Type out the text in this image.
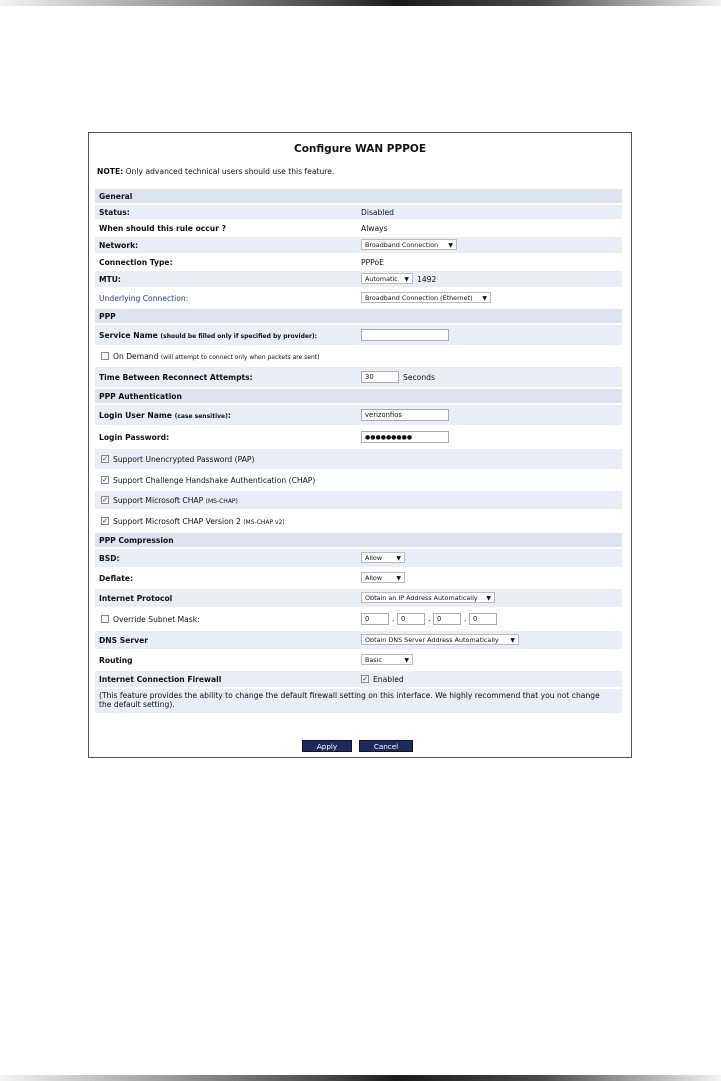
Configure WAN PPPOE
NOTE: Only advanced technical users should use this feature.
General
Status:	Disabled
When should this rule occur ?	Always
Network:	Broadband Connection ▼
Connection Type:	PPPoE
MTU:	Automatic ▼ 1492
Underlying Connection:	Broadband Connection (Ethernet) ▼
PPP
Service Name (should be filled only if specified by provider):
On Demand (will attempt to connect only when packets are sent)
Time Between Reconnect Attempts:	30	Seconds
PPP Authentication
Login User Name (case sensitive):	verizonfios
Login Password:	●●●●●●●●●
✓ Support Unencrypted Password (PAP)
✓ Support Challenge Handshake Authentication (CHAP)
✓ Support Microsoft CHAP (MS-CHAP)
✓ Support Microsoft CHAP Version 2 (MS-CHAP v2)
PPP Compression
BSD:	Allow ▼
Deflate:	Allow ▼
Internet Protocol	Obtain an IP Address Automatically ▼
Override Subnet Mask:	0	. 0	. 0	. 0
DNS Server	Obtain DNS Server Address Automatically ▼
Routing	Basic	▼
Internet Connection Firewall	✓ Enabled
(This feature provides the ability to change the default firewall setting on this interface. We highly recommend that you not change the default setting).
Apply	Cancel
